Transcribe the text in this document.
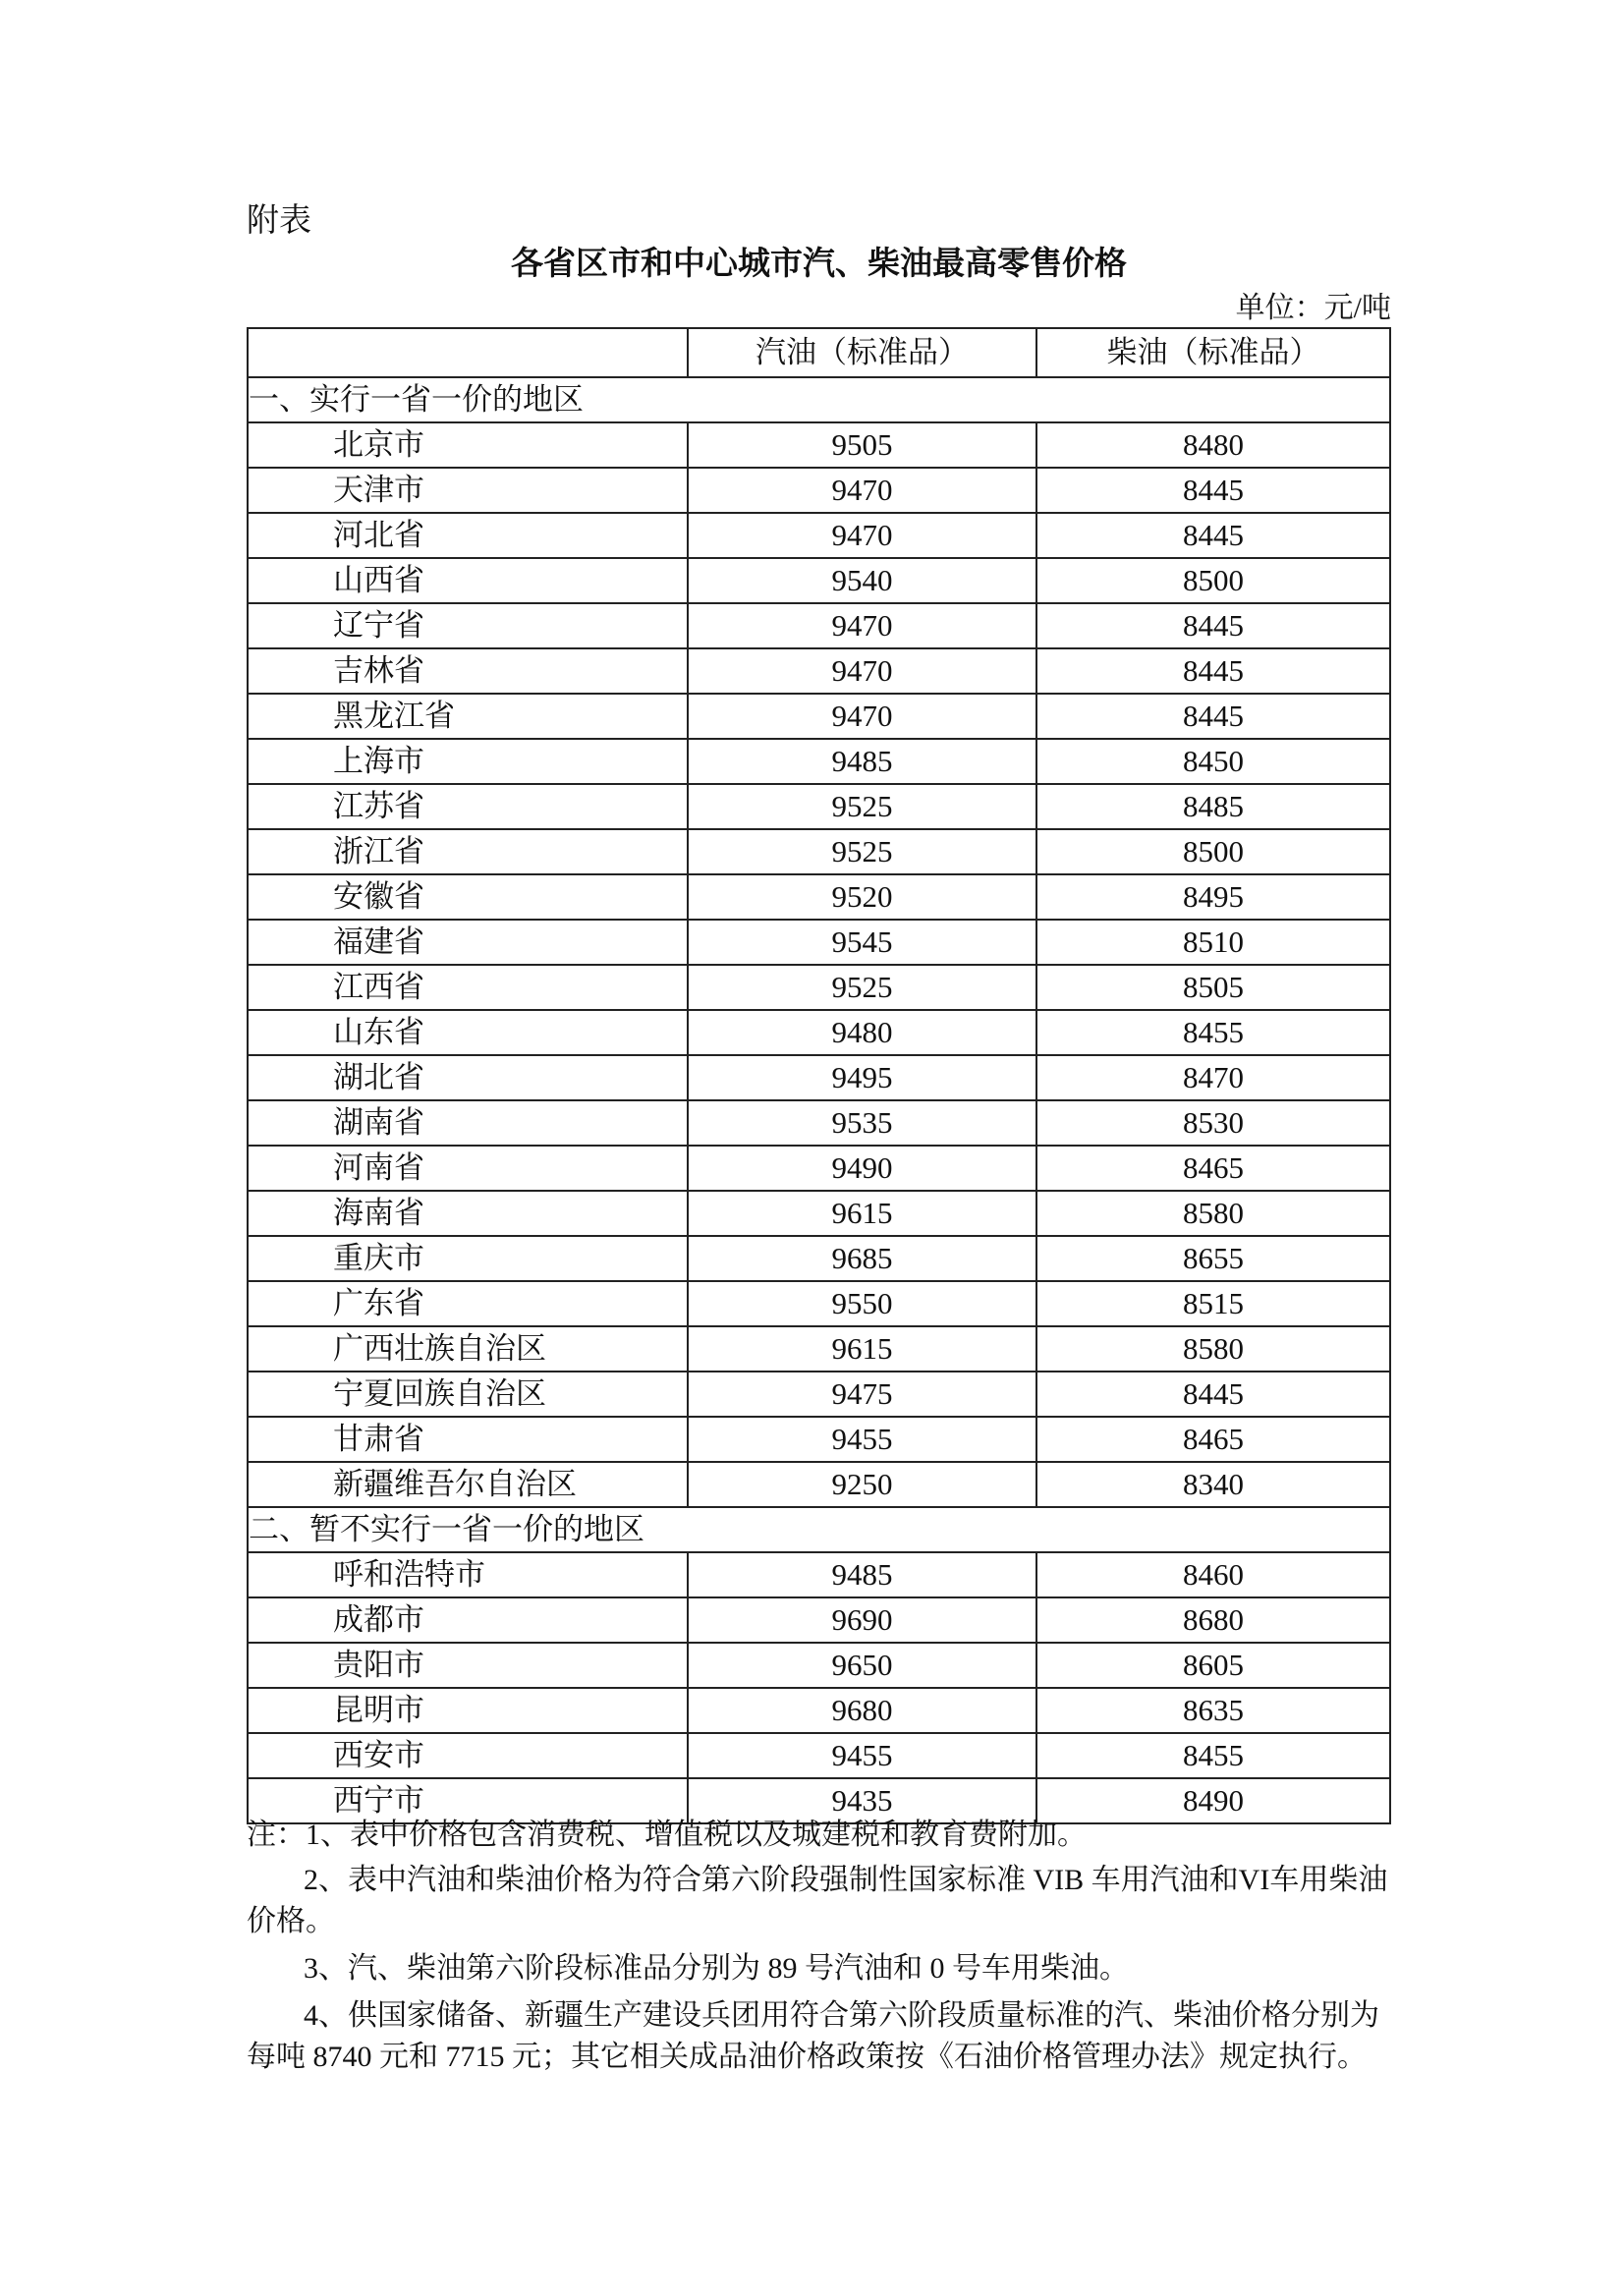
附表
各省区市和中心城市汽、柴油最高零售价格
单位：元/吨
	汽油（标准品）	柴油（标准品）
一、实行一省一价的地区		
北京市	9505	8480
天津市	9470	8445
河北省	9470	8445
山西省	9540	8500
辽宁省	9470	8445
吉林省	9470	8445
黑龙江省	9470	8445
上海市	9485	8450
江苏省	9525	8485
浙江省	9525	8500
安徽省	9520	8495
福建省	9545	8510
江西省	9525	8505
山东省	9480	8455
湖北省	9495	8470
湖南省	9535	8530
河南省	9490	8465
海南省	9615	8580
重庆市	9685	8655
广东省	9550	8515
广西壮族自治区	9615	8580
宁夏回族自治区	9475	8445
甘肃省	9455	8465
新疆维吾尔自治区	9250	8340
二、暂不实行一省一价的地区		
呼和浩特市	9485	8460
成都市	9690	8680
贵阳市	9650	8605
昆明市	9680	8635
西安市	9455	8455
西宁市	9435	8490

注：1、表中价格包含消费税、增值税以及城建税和教育费附加。

2、表中汽油和柴油价格为符合第六阶段强制性国家标准 VIB 车用汽油和VI车用柴油价格。

3、汽、柴油第六阶段标准品分别为 89 号汽油和 0 号车用柴油。

4、供国家储备、新疆生产建设兵团用符合第六阶段质量标准的汽、柴油价格分别为每吨 8740 元和 7715 元；其它相关成品油价格政策按《石油价格管理办法》规定执行。
